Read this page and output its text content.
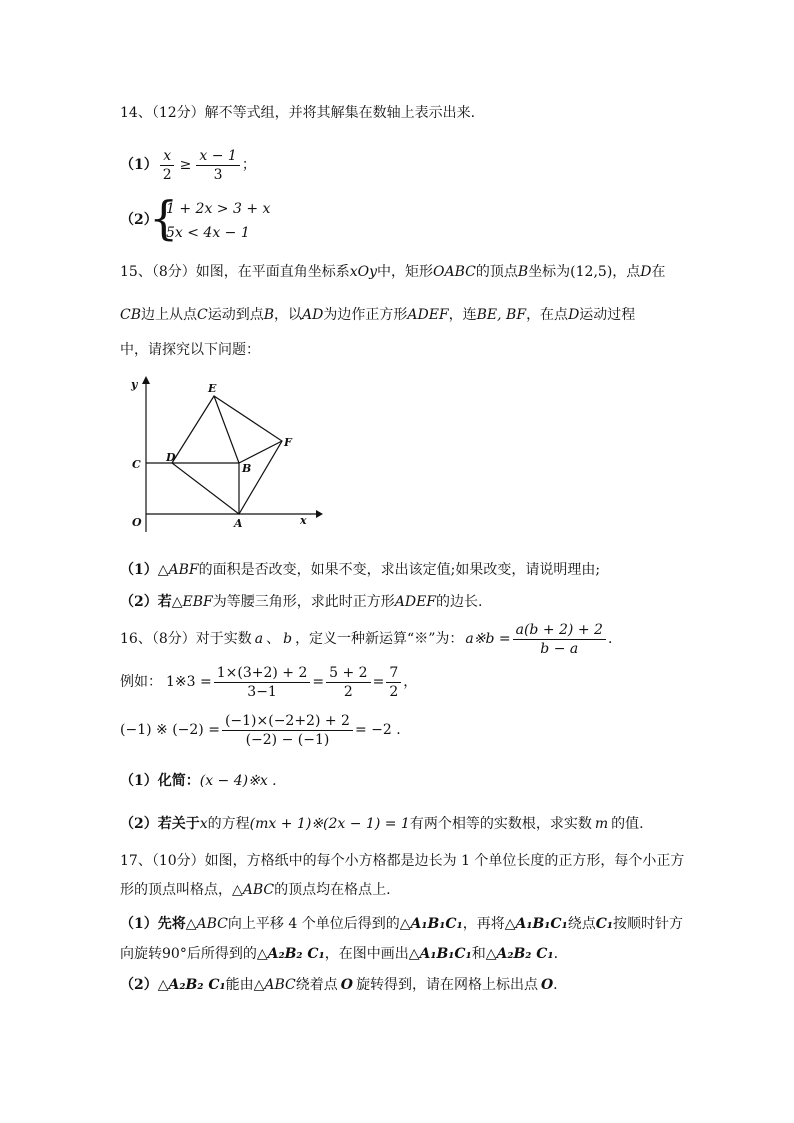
14、（12分）解不等式组，并将其解集在数轴上表示出来.
$(1) \frac{x}{2} \ge \frac{x - 1}{3}$ ；
（2）
{
1 + 2x > 3 + x
5x < 4x − 1
15、（8分）如图，在平面直角坐标系xOy中，矩形OABC的顶点B坐标为(12,5)，点D在
CB边上从点C运动到点B，以AD为边作正方形ADEF，连BE, BF，在点D运动过程
中，请探究以下问题：
y
x
O	A
B
C
D
E
F
（1）△ABF的面积是否改变，如果不变，求出该定值;如果改变，请说明理由;
（2）若△EBF为等腰三角形，求此时正方形ADEF的边长.
16、（8分）对于实数 a 、 b ，定义一种新运算“※”为： a※b = $\frac{a(b + 2) + 2}{b - a}$ .
例如： 1※3 = $\frac{1\times(3+2) + 2}{3-1} = \frac{5 + 2}{2} = \frac{7}{2}$ ，
(−1) ※ $(-2) = \frac{(-1)\times(-2+2) + 2}{(-2) - (-1)} = -2$ .
（1）化简：(x − 4)※x .
（2）若关于x的方程(mx + 1)※(2x − 1) = 1有两个相等的实数根，求实数 m 的值.
17、（10分）如图，方格纸中的每个小方格都是边长为 1 个单位长度的正方形，每个小正方
形的顶点叫格点，△ABC的顶点均在格点上.
（1）先将△ABC向上平移 4 个单位后得到的△A₁B₁C₁，再将△A₁B₁C₁绕点C₁按顺时针方
向旋转90°后所得到的△A₂B₂ C₁，在图中画出△A₁B₁C₁和△A₂B₂ C₁.
（2）△A₂B₂ C₁能由△ABC绕着点 O 旋转得到，请在网格上标出点 O.
